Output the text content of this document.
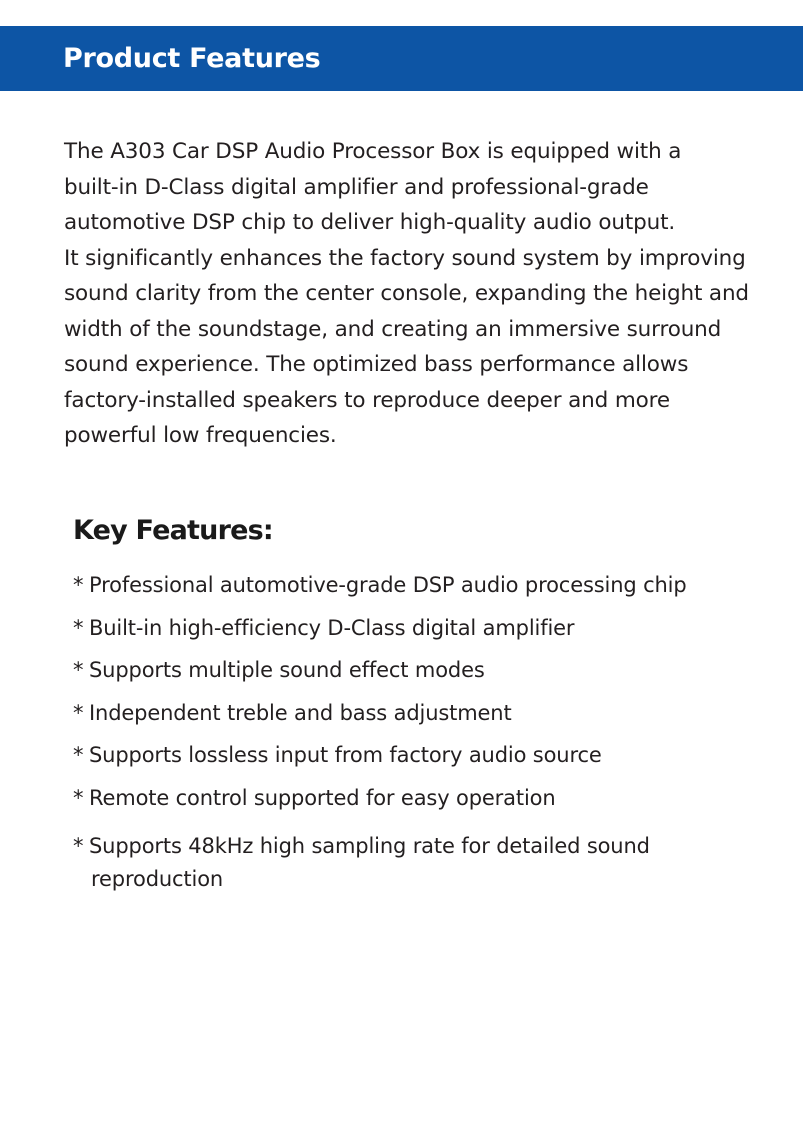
Product Features

The A303 Car DSP Audio Processor Box is equipped with a
built-in D-Class digital amplifier and professional-grade
automotive DSP chip to deliver high-quality audio output.
It significantly enhances the factory sound system by improving
sound clarity from the center console, expanding the height and
width of the soundstage, and creating an immersive surround
sound experience. The optimized bass performance allows
factory-installed speakers to reproduce deeper and more
powerful low frequencies.

Key Features:
* Professional automotive-grade DSP audio processing chip
* Built-in high-efficiency D-Class digital amplifier
* Supports multiple sound effect modes
* Independent treble and bass adjustment
* Supports lossless input from factory audio source
* Remote control supported for easy operation
* Supports 48kHz high sampling rate for detailed sound
reproduction
